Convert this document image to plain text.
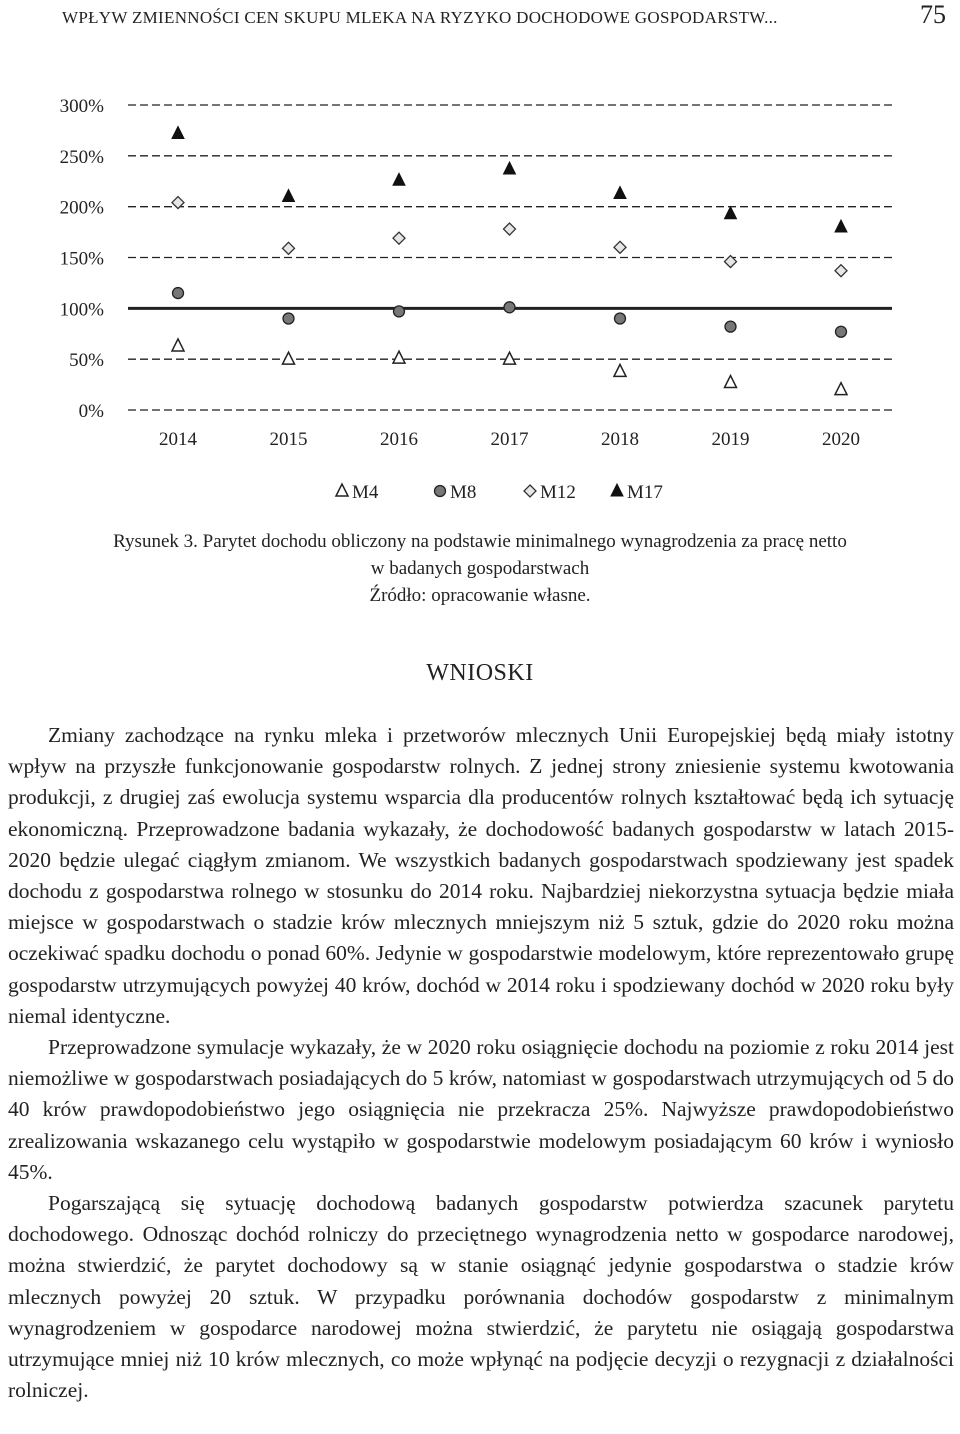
WPŁYW ZMIENNOŚCI CEN SKUPU MLEKA NA RYZYKO DOCHODOWE GOSPODARSTW...	75
0%
50%
100%
150%
200%
250%
300%
2014	2015	2016	2017	2018	2019	2020
M4	M8	M12	M17
Rysunek 3. Parytet dochodu obliczony na podstawie minimalnego wynagrodzenia za pracę netto
w badanych gospodarstwach
Źródło: opracowanie własne.
WNIOSKI

Zmiany zachodzące na rynku mleka i przetworów mlecznych Unii Europejskiej będą miały istotny wpływ na przyszłe funkcjonowanie gospodarstw rolnych. Z jednej strony zniesienie systemu kwotowania produkcji, z drugiej zaś ewolucja systemu wsparcia dla producentów rolnych kształtować będą ich sytuację ekonomiczną. Przeprowadzone badania wykazały, że dochodowość badanych gospodarstw w latach 2015-2020 będzie ulegać ciągłym zmianom. We wszystkich badanych gospodarstwach spodziewany jest spadek dochodu z gospodarstwa rolnego w stosunku do 2014 roku. Najbardziej niekorzystna sytuacja będzie miała miejsce w gospodarstwach o stadzie krów mlecznych mniejszym niż 5 sztuk, gdzie do 2020 roku można oczekiwać spadku dochodu o ponad 60%. Jedynie w gospodarstwie modelowym, które reprezentowało grupę gospodarstw utrzymujących powyżej 40 krów, dochód w 2014 roku i spodziewany dochód w 2020 roku były niemal identyczne.

Przeprowadzone symulacje wykazały, że w 2020 roku osiągnięcie dochodu na poziomie z roku 2014 jest niemożliwe w gospodarstwach posiadających do 5 krów, natomiast w gospodarstwach utrzymujących od 5 do 40 krów prawdopodobieństwo jego osiągnięcia nie przekracza 25%. Najwyższe prawdopodobieństwo zrealizowania wskazanego celu wystąpiło w gospodarstwie modelowym posiadającym 60 krów i wyniosło 45%.

Pogarszającą się sytuację dochodową badanych gospodarstw potwierdza szacunek parytetu dochodowego. Odnosząc dochód rolniczy do przeciętnego wynagrodzenia netto w gospodarce narodowej, można stwierdzić, że parytet dochodowy są w stanie osiągnąć jedynie gospodarstwa o stadzie krów mlecznych powyżej 20 sztuk. W przypadku porównania dochodów gospodarstw z minimalnym wynagrodzeniem w gospodarce narodowej można stwierdzić, że parytetu nie osiągają gospodarstwa utrzymujące mniej niż 10 krów mlecznych, co może wpłynąć na podjęcie decyzji o rezygnacji z działalności rolniczej.
